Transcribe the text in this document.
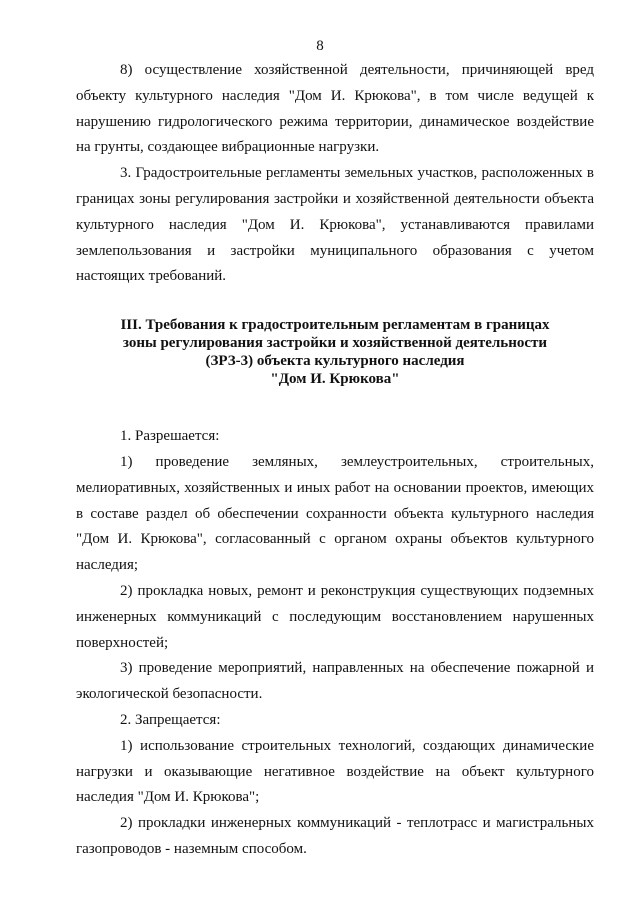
8

8) осуществление хозяйственной деятельности, причиняющей вред объекту культурного наследия "Дом И. Крюкова", в том числе ведущей к нарушению гидрологического режима территории, динамическое воздействие на грунты, создающее вибрационные нагрузки.

3. Градостроительные регламенты земельных участков, расположенных в границах зоны регулирования застройки и хозяйственной деятельности объекта культурного наследия "Дом И. Крюкова", устанавливаются правилами землепользования и застройки муниципального образования с учетом настоящих требований.

III. Требования к градостроительным регламентам в границах
зоны регулирования застройки и хозяйственной деятельности
(ЗРЗ-3) объекта культурного наследия
"Дом И. Крюкова"

1. Разрешается:

1) проведение земляных, землеустроительных, строительных, мелиоративных, хозяйственных и иных работ на основании проектов, имеющих в составе раздел об обеспечении сохранности объекта культурного наследия "Дом И. Крюкова", согласованный с органом охраны объектов культурного наследия;

2) прокладка новых, ремонт и реконструкция существующих подземных инженерных коммуникаций с последующим восстановлением нарушенных поверхностей;

3) проведение мероприятий, направленных на обеспечение пожарной и экологической безопасности.

2. Запрещается:

1) использование строительных технологий, создающих динамические нагрузки и оказывающие негативное воздействие на объект культурного наследия "Дом И. Крюкова";

2) прокладки инженерных коммуникаций - теплотрасс и магистральных газопроводов - наземным способом.
